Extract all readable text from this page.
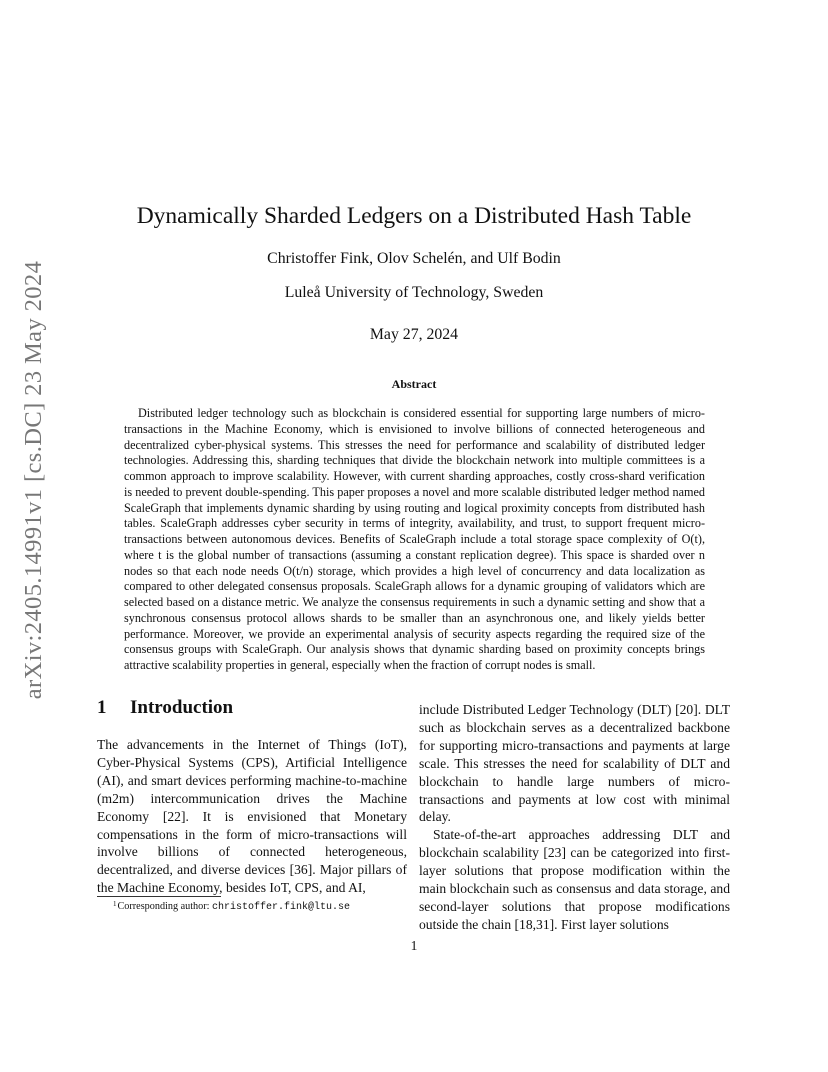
arXiv:2405.14991v1 [cs.DC] 23 May 2024
Dynamically Sharded Ledgers on a Distributed Hash Table
Christoffer Fink, Olov Schelén, and Ulf Bodin
Luleå University of Technology, Sweden
May 27, 2024
Abstract

Distributed ledger technology such as blockchain is considered essential for supporting large numbers of micro-transactions in the Machine Economy, which is envisioned to involve billions of connected heterogeneous and decentralized cyber-physical systems. This stresses the need for performance and scalability of distributed ledger technologies. Addressing this, sharding techniques that divide the blockchain network into multiple committees is a common approach to improve scalability. However, with current sharding approaches, costly cross-shard verification is needed to prevent double-spending. This paper proposes a novel and more scalable distributed ledger method named ScaleGraph that implements dynamic sharding by using routing and logical proximity concepts from distributed hash tables. ScaleGraph addresses cyber security in terms of integrity, availability, and trust, to support frequent micro-transactions between autonomous devices. Benefits of ScaleGraph include a total storage space complexity of O(t), where t is the global number of transactions (assuming a constant replication degree). This space is sharded over n nodes so that each node needs O(t/n) storage, which provides a high level of concurrency and data localization as compared to other delegated consensus proposals. ScaleGraph allows for a dynamic grouping of validators which are selected based on a distance metric. We analyze the consensus requirements in such a dynamic setting and show that a synchronous consensus protocol allows shards to be smaller than an asynchronous one, and likely yields better performance. Moreover, we provide an experimental analysis of security aspects regarding the required size of the consensus groups with ScaleGraph. Our analysis shows that dynamic sharding based on proximity concepts brings attractive scalability properties in general, especially when the fraction of corrupt nodes is small.

1 Introduction

The advancements in the Internet of Things (IoT), Cyber-Physical Systems (CPS), Artificial Intelligence (AI), and smart devices performing machine-to-machine (m2m) intercommunication drives the Machine Economy [22]. It is envisioned that Monetary compensations in the form of micro-transactions will involve billions of connected heterogeneous, decentralized, and diverse devices [36]. Major pillars of the Machine Economy, besides IoT, CPS, and AI,

include Distributed Ledger Technology (DLT) [20]. DLT such as blockchain serves as a decentralized backbone for supporting micro-transactions and payments at large scale. This stresses the need for scalability of DLT and blockchain to handle large numbers of micro-transactions and payments at low cost with minimal delay.

State-of-the-art approaches addressing DLT and blockchain scalability [23] can be categorized into first-layer solutions that propose modification within the main blockchain such as consensus and data storage, and second-layer solutions that propose modifications outside the chain [18,31]. First layer solutions

$^1$Corresponding author: christoffer.fink@ltu.se
1
